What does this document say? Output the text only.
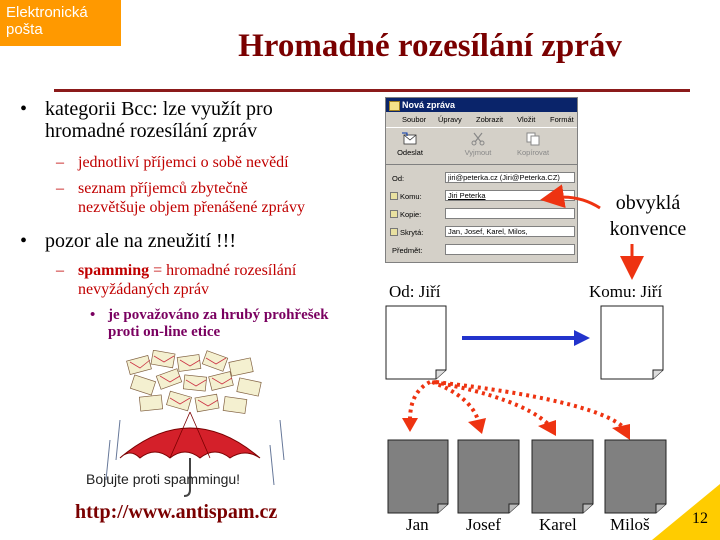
Elektronická
pošta	Hromadné rozesílání zpráv
• kategorii Bcc: lze využít pro
hromadné rozesílání zpráv
– jednotliví příjemci o sobě nevědí
– seznam příjemců zbytečně
nezvětšuje objem přenášené zprávy
• pozor ale na zneužití !!!
– spamming = hromadné rozesílání
nevyžádaných zpráv
• je považováno za hrubý prohřešek
proti on-line etice
Bojujte proti spammingu!
http://www.antispam.cz
Nová zpráva
Soubor Úpravy Zobrazit Vložit Formát
Odeslat	Vyjmout	Kopírovat
Od:	jiri@peterka.cz (Jiri@Peterka.CZ)
Komu:	Jiri Peterka
Kopie:
Skrytá:	Jan, Josef, Karel, Milos,
Předmět:
obvyklá
konvence
Od: Jiří	Komu: Jiří
Jan Josef Karel Miloš	12
